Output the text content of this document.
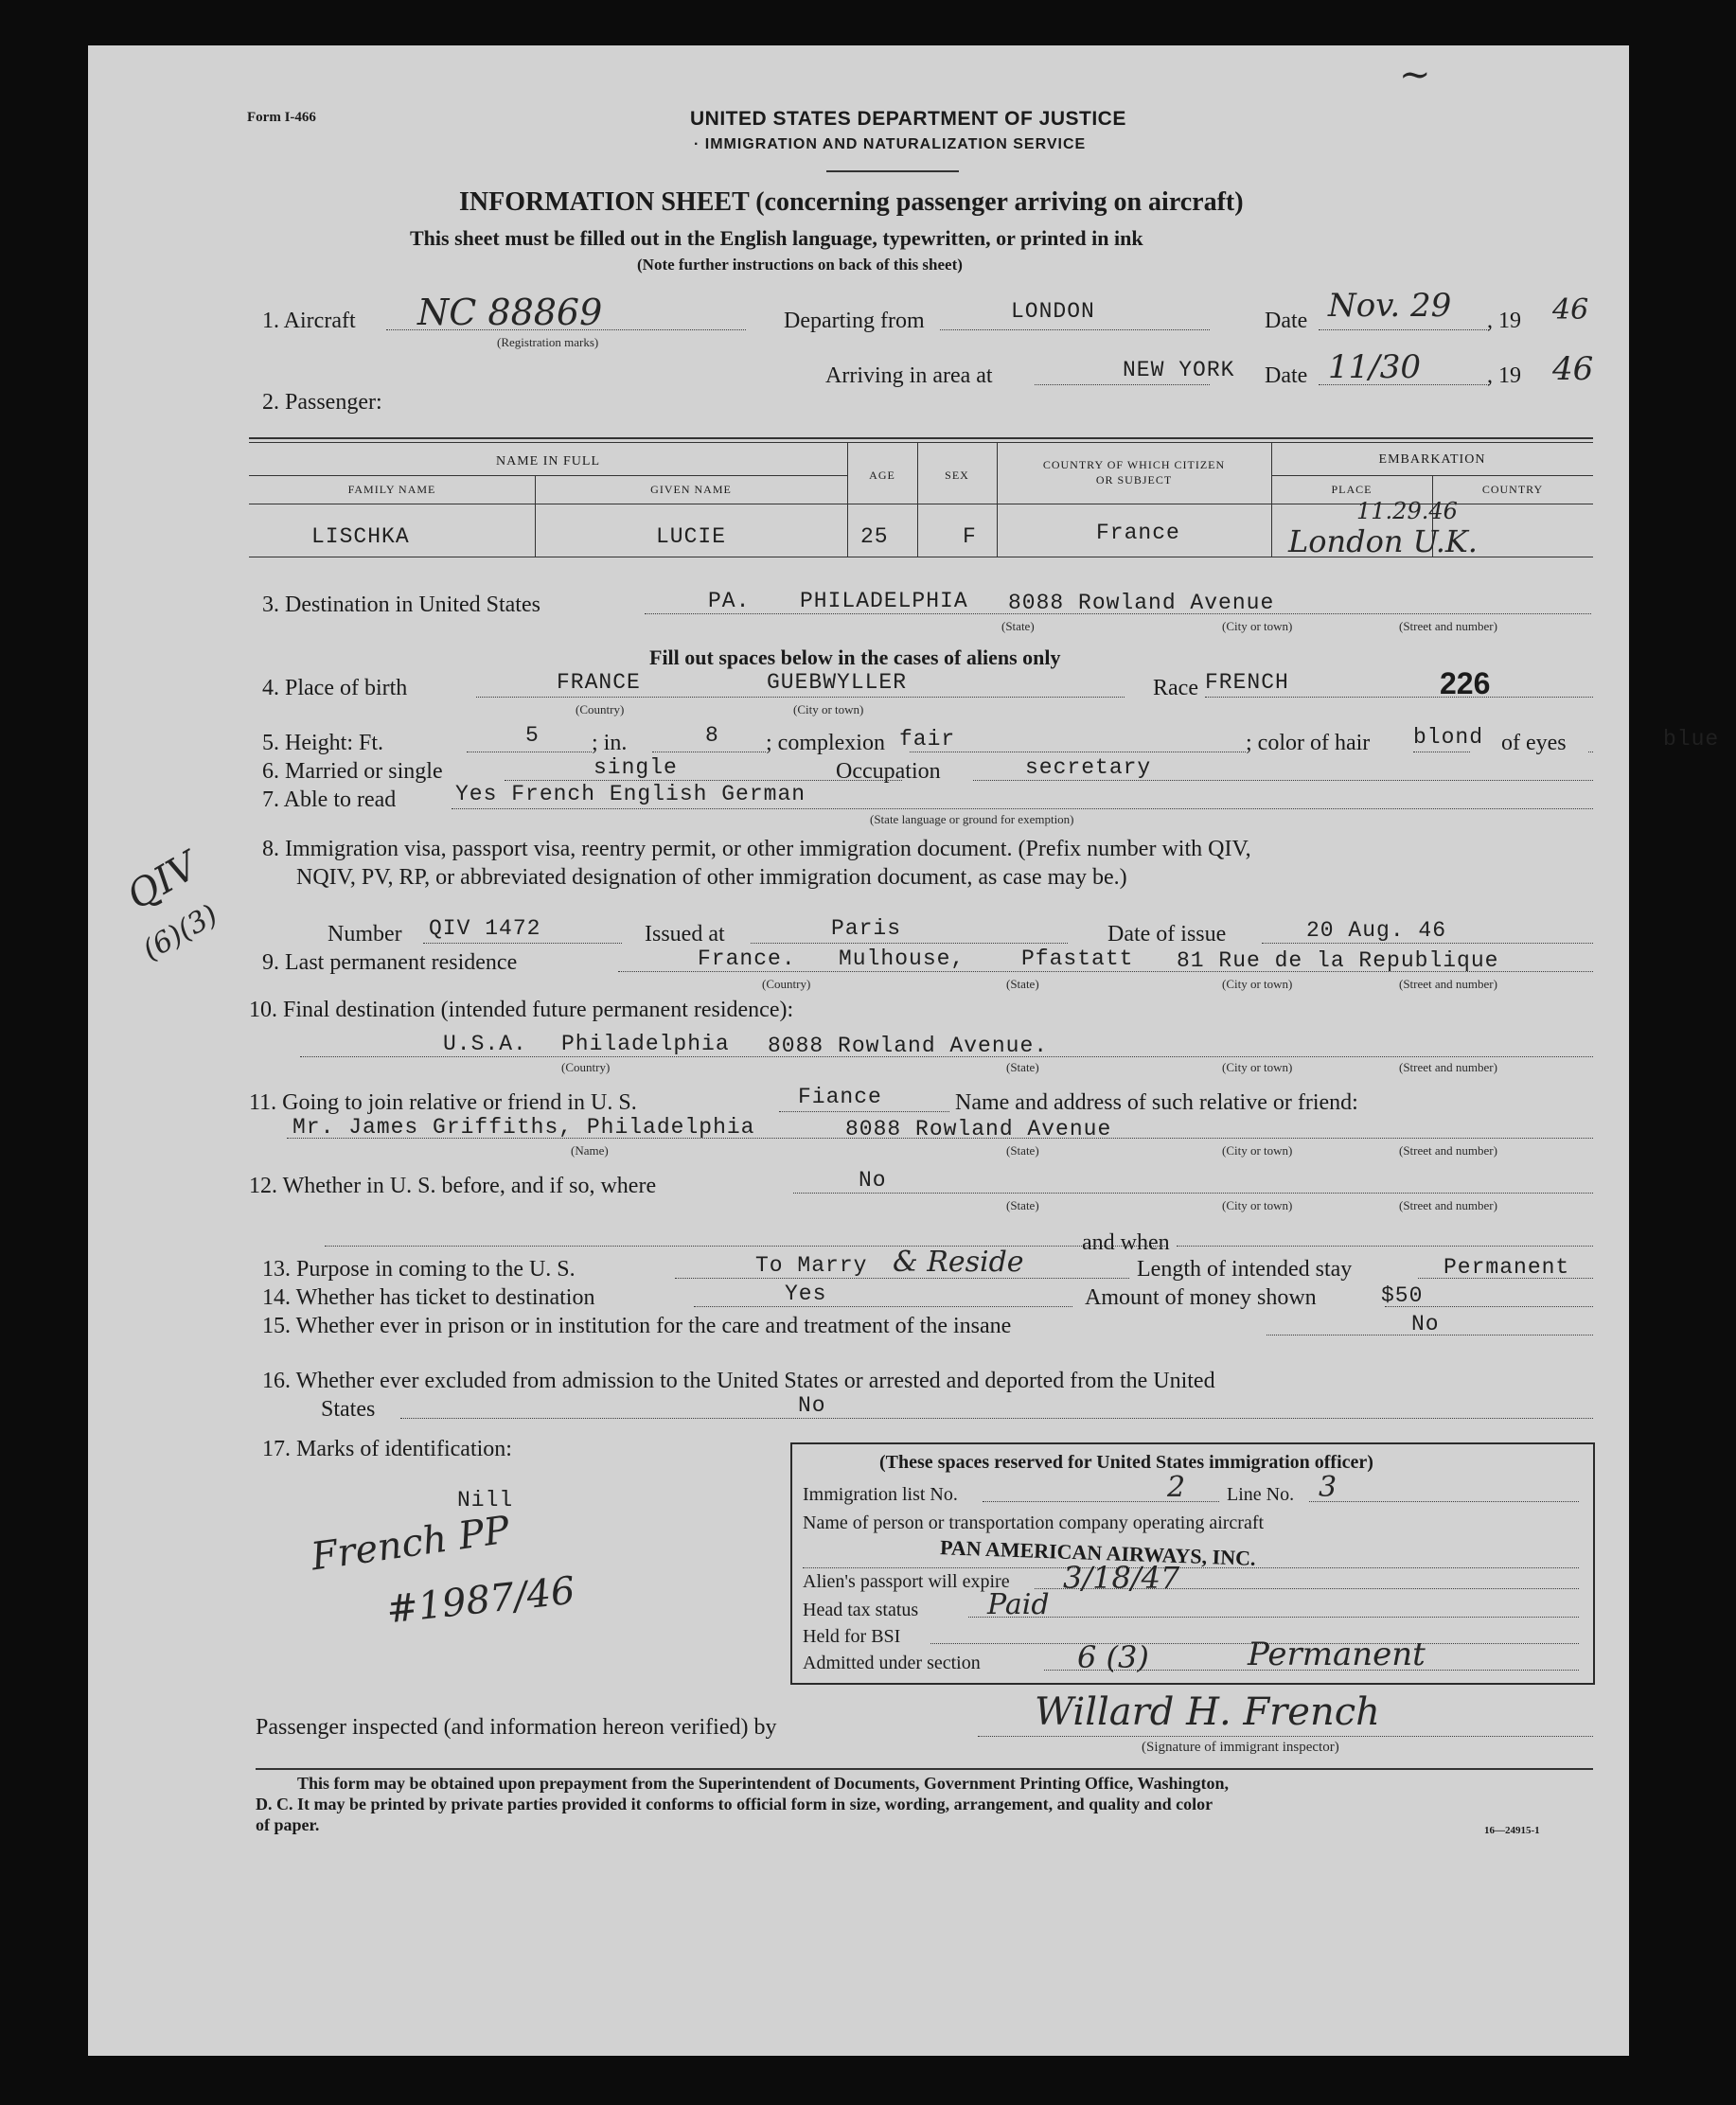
~
Form I-466	UNITED STATES DEPARTMENT OF JUSTICE
· IMMIGRATION AND NATURALIZATION SERVICE
INFORMATION SHEET (concerning passenger arriving on aircraft)
This sheet must be filled out in the English language, typewritten, or printed in ink
(Note further instructions on back of this sheet)
1. Aircraft NC 88869
(Registration marks)
Departing from	LONDON	Date Nov. 29 , 19 46
Arriving in area at	NEW YORK Date 11/30	, 19 46
2. Passenger:
NAME IN FULL
FAMILY NAME	GIVEN NAME
AGE	SEX
COUNTRY OF WHICH CITIZEN
OR SUBJECT
EMBARKATION
PLACE	COUNTRY
LISCHKA	LUCIE	25	F	France
11.29.46
London U.K.
3. Destination in United States	PA. PHILADELPHIA 8088 Rowland Avenue
(State)	(City or town)	(Street and number)
Fill out spaces below in the cases of aliens only
4. Place of birth	FRANCE	GUEBWYLLER
(Country)	(City or town)
Race FRENCH	226
5. Height: Ft.	5 ; in.	8 ; complexion fair	; color of hair blond of eyes	blue
6. Married or single	single	Occupation	secretary
7. Able to read	Yes French English German
(State language or ground for exemption)
8. Immigration visa, passport visa, reentry permit, or other immigration document. (Prefix number with QIV,
NQIV, PV, RP, or abbreviated designation of other immigration document, as case may be.)
QIV
(6)(3)	Number QIV 1472	Issued at	Paris	Date of issue	20 Aug. 46
9. Last permanent residence	France. Mulhouse,	Pfastatt 81 Rue de la Republique
(Country)	(State)	(City or town)	(Street and number)
10. Final destination (intended future permanent residence):
U.S.A. Philadelphia 8088 Rowland Avenue.
(Country)	(State)	(City or town)	(Street and number)
11. Going to join relative or friend in U. S.	Fiance	Name and address of such relative or friend:
Mr. James Griffiths, Philadelphia	8088 Rowland Avenue
(Name)	(State)	(City or town)	(Street and number)
12. Whether in U. S. before, and if so, where	No
(State)	(City or town)	(Street and number)
and when
13. Purpose in coming to the U. S.	To Marry & Reside	Length of intended stay	Permanent
14. Whether has ticket to destination	Yes	Amount of money shown	$50
15. Whether ever in prison or in institution for the care and treatment of the insane	No
16. Whether ever excluded from admission to the United States or arrested and deported from the United
States	No
17. Marks of identification:
Nill
French PP
#1987/46
(These spaces reserved for United States immigration officer)
Immigration list No.	2 Line No. 3
Name of person or transportation company operating aircraft
PAN AMERICAN AIRWAYS, INC.
Alien's passport will expire 3/18/47
Head tax status Paid
Held for BSI
Admitted under section	6 (3)	Permanent
Passenger inspected (and information hereon verified) by	Willard H. French
(Signature of immigrant inspector)
This form may be obtained upon prepayment from the Superintendent of Documents, Government Printing Office, Washington,
D. C. It may be printed by private parties provided it conforms to official form in size, wording, arrangement, and quality and color
of paper.	16—24915-1
